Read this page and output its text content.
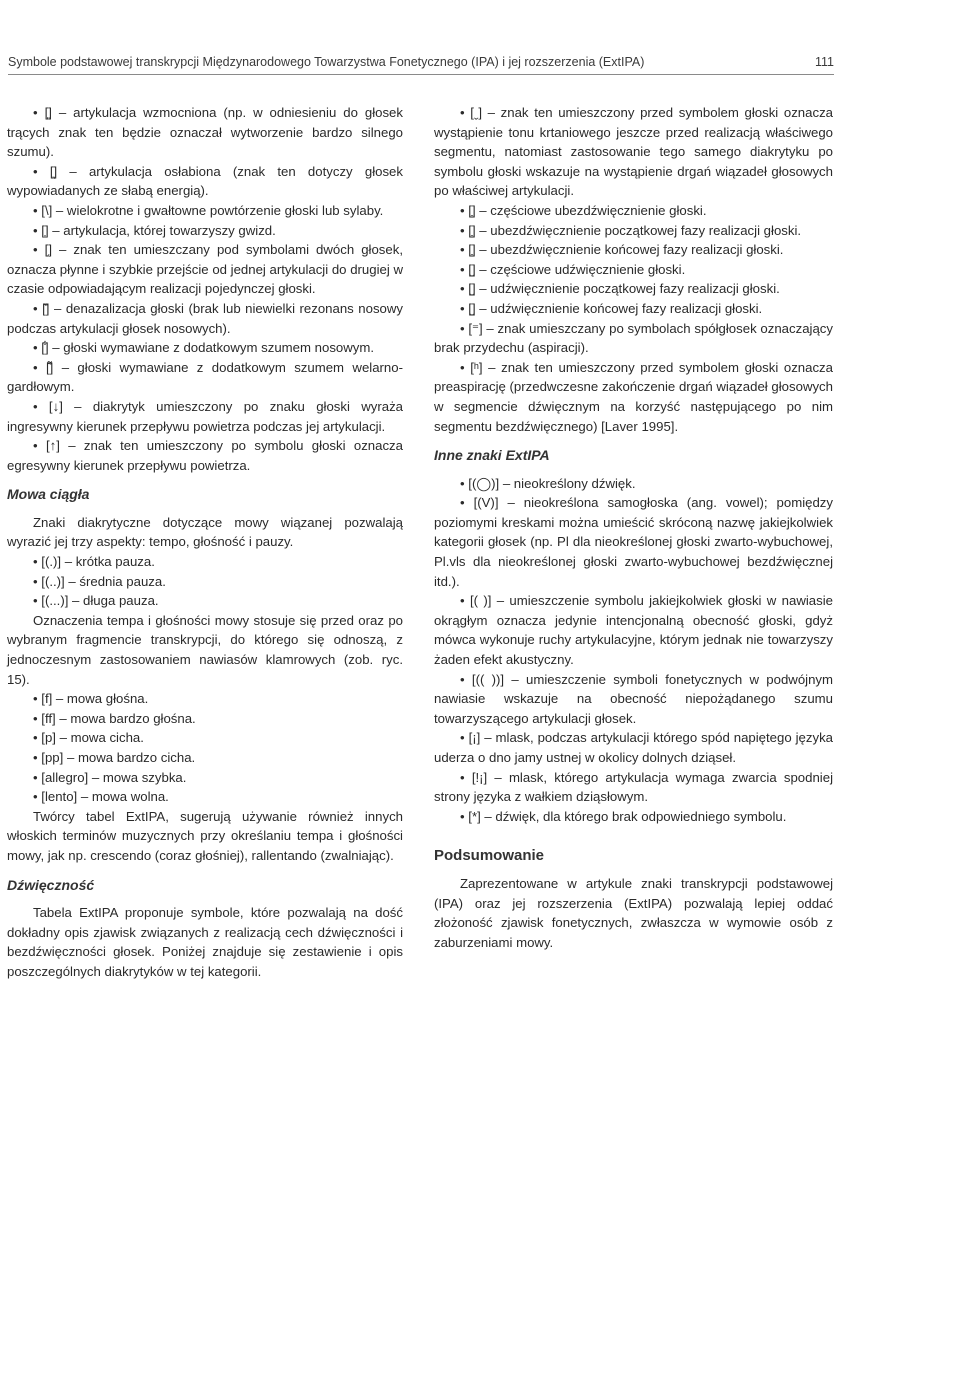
Symbole podstawowej transkrypcji Międzynarodowego Towarzystwa Fonetycznego (IPA) i jej rozszerzenia (ExtIPA)	111

• [͈] – artykulacja wzmocniona (np. w odniesieniu do głosek trących znak ten będzie oznaczał wytworzenie bardzo silnego szumu).

• [͉] – artykulacja osłabiona (znak ten dotyczy głosek wypowiadanych ze słabą energią).

• [\] – wielokrotne i gwałtowne powtórzenie głoski lub sylaby.

• [͎] – artykulacja, której towarzyszy gwizd.

• [͔] – znak ten umieszczany pod symbolami dwóch głosek, oznacza płynne i szybkie przejście od jednej artykulacji do drugiej w czasie odpowiadającym realizacji pojedynczej głoski.

• [͊] – denazalizacja głoski (brak lub niewielki rezonans nosowy podczas artykulacji głosek nosowych).

• [͋] – głoski wymawiane z dodatkowym szumem nosowym.

• [͌] – głoski wymawiane z dodatkowym szumem welarno-gardłowym.

• [↓] – diakrytyk umieszczony po znaku głoski wyraża ingresywny kierunek przepływu powietrza podczas jej artykulacji.

• [↑] – znak ten umieszczony po symbolu głoski oznacza egresywny kierunek przepływu powietrza.

Mowa ciągła

Znaki diakrytyczne dotyczące mowy wiązanej pozwalają wyrazić jej trzy aspekty: tempo, głośność i pauzy.

• [(.)] – krótka pauza.

• [(..)] – średnia pauza.

• [(...)] – długa pauza.

Oznaczenia tempa i głośności mowy stosuje się przed oraz po wybranym fragmencie transkrypcji, do którego się odnoszą, z jednoczesnym zastosowaniem nawiasów klamrowych (zob. ryc. 15).

• [f] – mowa głośna.

• [ff] – mowa bardzo głośna.

• [p] – mowa cicha.

• [pp] – mowa bardzo cicha.

• [allegro] – mowa szybka.

• [lento] – mowa wolna.

Twórcy tabel ExtIPA, sugerują używanie również innych włoskich terminów muzycznych przy określaniu tempa i głośności mowy, jak np. crescendo (coraz głośniej), rallentando (zwalniając).

Dźwięczność

Tabela ExtIPA proponuje symbole, które pozwalają na dość dokładny opis zjawisk związanych z realizacją cech dźwięczności i bezdźwięczności głosek. Poniżej znajduje się zestawienie i opis poszczególnych diakrytyków w tej kategorii.

• [ˬ] – znak ten umieszczony przed symbolem głoski oznacza wystąpienie tonu krtaniowego jeszcze przed realizacją właściwego segmentu, natomiast zastosowanie tego samego diakrytyku po symbolu głoski wskazuje na wystąpienie drgań wiązadeł głosowych po właściwej artykulacji.

• [̥] – częściowe ubezdźwięcznienie głoski.

• [̥] – ubezdźwięcznienie początkowej fazy realizacji głoski.

• [̥] – ubezdźwięcznienie końcowej fazy realizacji głoski.

• [̬] – częściowe udźwięcznienie głoski.

• [̬] – udźwięcznienie początkowej fazy realizacji głoski.

• [̬] – udźwięcznienie końcowej fazy realizacji głoski.

• [⁼] – znak umieszczany po symbolach spółgłosek oznaczający brak przydechu (aspiracji).

• [ʰ] – znak ten umieszczony przed symbolem głoski oznacza preaspirację (przedwczesne zakończenie drgań wiązadeł głosowych w segmencie dźwięcznym na korzyść następującego po nim segmentu bezdźwięcznego) [Laver 1995].

Inne znaki ExtIPA

• [(◯)] – nieokreślony dźwięk.

• [(V)] – nieokreślona samogłoska (ang. vowel); pomiędzy poziomymi kreskami można umieścić skróconą nazwę jakiejkolwiek kategorii głosek (np. Pl dla nieokreślonej głoski zwarto-wybuchowej, Pl.vls dla nieokreślonej głoski zwarto-wybuchowej bezdźwięcznej itd.).

• [( )] – umieszczenie symbolu jakiejkolwiek głoski w nawiasie okrągłym oznacza jedynie intencjonalną obecność głoski, gdyż mówca wykonuje ruchy artykulacyjne, którym jednak nie towarzyszy żaden efekt akustyczny.

• [(( ))] – umieszczenie symboli fonetycznych w podwójnym nawiasie wskazuje na obecność niepożądanego szumu towarzyszącego artykulacji głosek.

• [¡] – mlask, podczas artykulacji którego spód napiętego języka uderza o dno jamy ustnej w okolicy dolnych dziąseł.

• [!¡] – mlask, którego artykulacja wymaga zwarcia spodniej strony języka z wałkiem dziąsłowym.

• [*] – dźwięk, dla którego brak odpowiedniego symbolu.

Podsumowanie

Zaprezentowane w artykule znaki transkrypcji podstawowej (IPA) oraz jej rozszerzenia (ExtIPA) pozwalają lepiej oddać złożoność zjawisk fonetycznych, zwłaszcza w wymowie osób z zaburzeniami mowy.
